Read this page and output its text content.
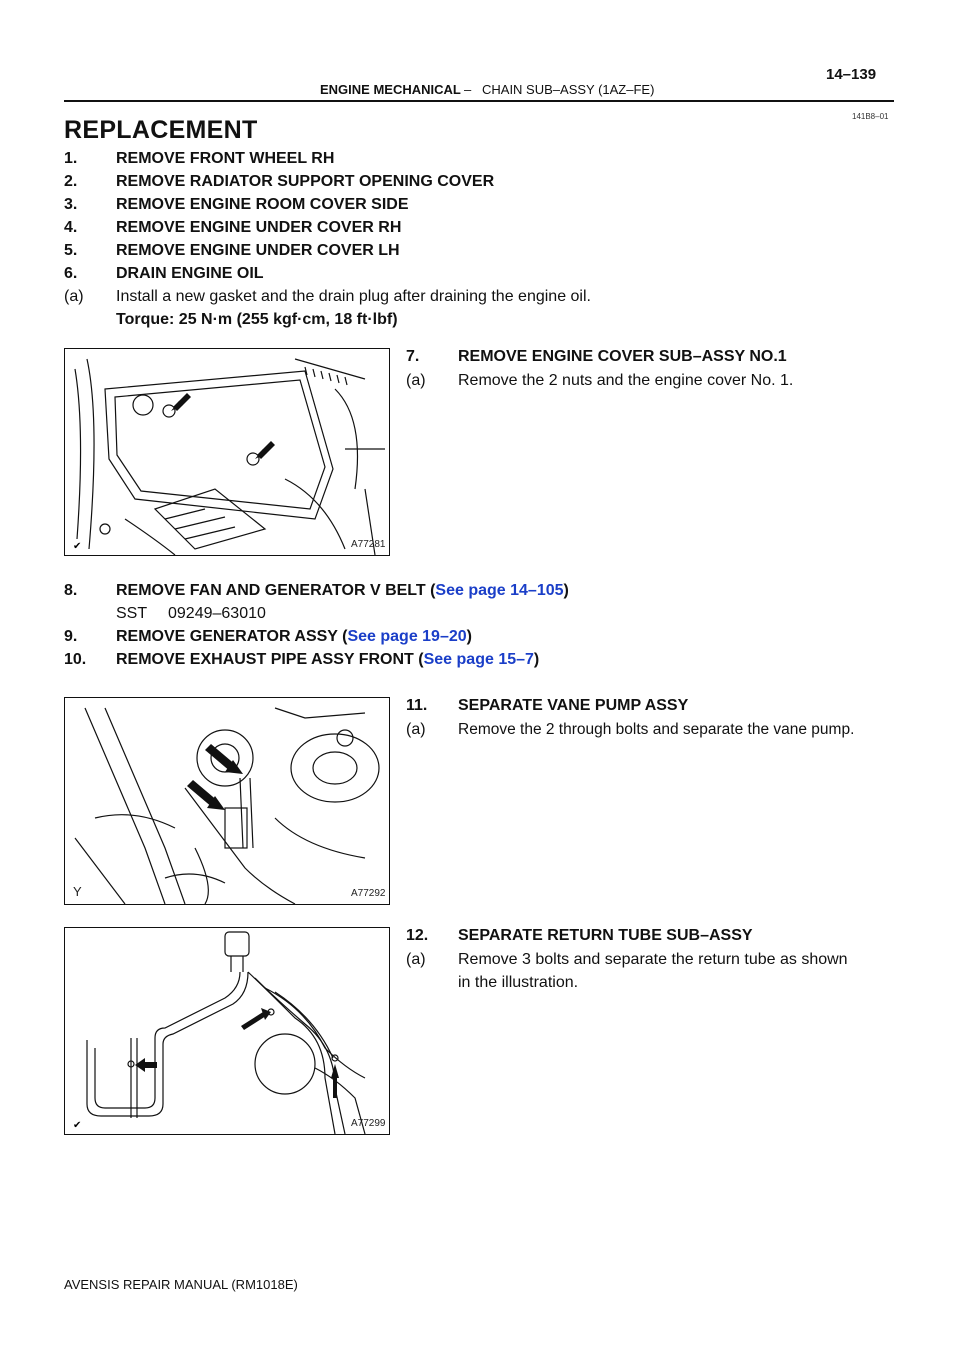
14–139
ENGINE MECHANICAL – CHAIN SUB–ASSY (1AZ–FE)
141B8–01
REPLACEMENT
1. REMOVE FRONT WHEEL RH
2. REMOVE RADIATOR SUPPORT OPENING COVER
3. REMOVE ENGINE ROOM COVER SIDE
4. REMOVE ENGINE UNDER COVER RH
5. REMOVE ENGINE UNDER COVER LH
6. DRAIN ENGINE OIL
(a) Install a new gasket and the drain plug after draining the engine oil.
Torque: 25 N·m (255 kgf·cm, 18 ft·lbf)
✔	A77281
7. REMOVE ENGINE COVER SUB–ASSY NO.1
(a) Remove the 2 nuts and the engine cover No. 1.
8. REMOVE FAN AND GENERATOR V BELT (See page 14–105)
SST 09249–63010
9. REMOVE GENERATOR ASSY (See page 19–20)
10. REMOVE EXHAUST PIPE ASSY FRONT (See page 15–7)
Y	A77292
11. SEPARATE VANE PUMP ASSY
(a) Remove the 2 through bolts and separate the vane pump.
✔	A77299
12. SEPARATE RETURN TUBE SUB–ASSY
(a) Remove 3 bolts and separate the return tube as shown
in the illustration.
AVENSIS REPAIR MANUAL (RM1018E)
